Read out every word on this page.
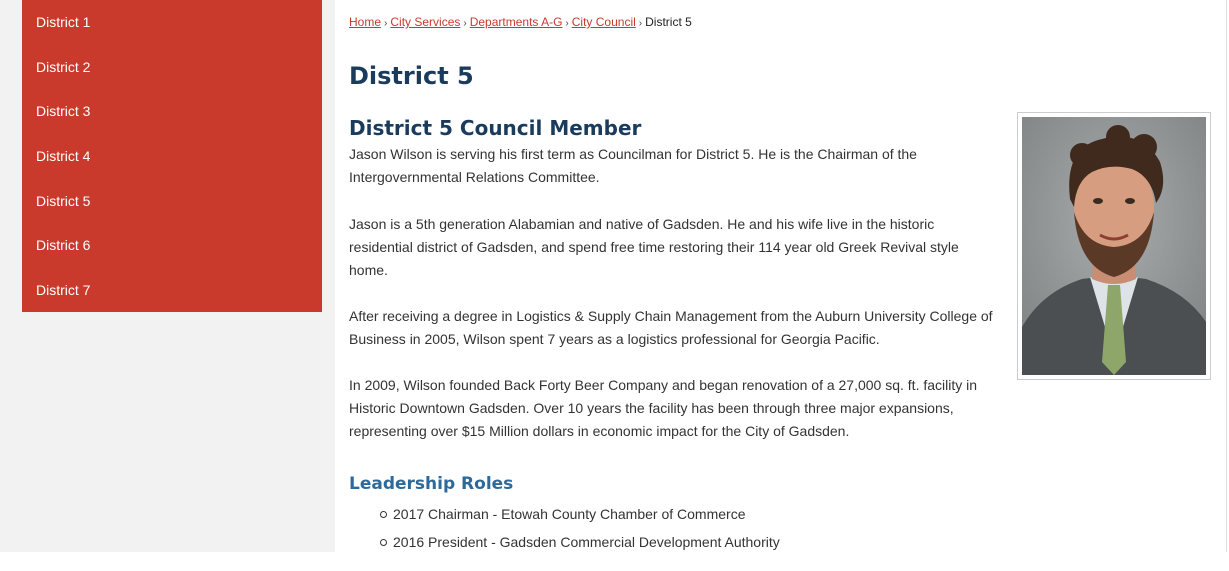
District 1
District 2
District 3
District 4
District 5
District 6
District 7
Home › City Services › Departments A-G › City Council › District 5
District 5
District 5 Council Member

Jason Wilson is serving his first term as Councilman for District 5. He is the Chairman of the Intergovernmental Relations Committee.

Jason is a 5th generation Alabamian and native of Gadsden. He and his wife live in the historic residential district of Gadsden, and spend free time restoring their 114 year old Greek Revival style home.

After receiving a degree in Logistics & Supply Chain Management from the Auburn University College of Business in 2005, Wilson spent 7 years as a logistics professional for Georgia Pacific.

In 2009, Wilson founded Back Forty Beer Company and began renovation of a 27,000 sq. ft. facility in Historic Downtown Gadsden. Over 10 years the facility has been through three major expansions, representing over $15 Million dollars in economic impact for the City of Gadsden.

Leadership Roles
2017 Chairman - Etowah County Chamber of Commerce
2016 President - Gadsden Commercial Development Authority
